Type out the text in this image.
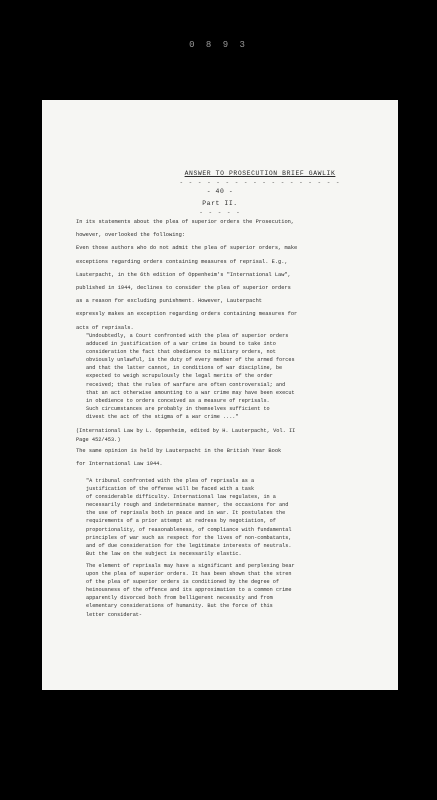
0 8 9 3
ANSWER TO PROSECUTION BRIEF GAWLIK
- - - - - - - - - - - - - - - - - -
- 40 -
Part II.
- - - - -

In its statements about the plea of superior orders the Prosecution,
however, overlooked the following:
Even those authors who do not admit the plea of superior orders, make
exceptions regarding orders containing measures of reprisal. E.g.,
Lauterpacht, in the 6th edition of Oppenheim's "International Law",
published in 1944, declines to consider the plea of superior orders
as a reason for excluding punishment. However, Lauterpacht
expressly makes an exception regarding orders containing measures for
acts of reprisals.

"Undoubtedly, a Court confronted with the plea of superior orders
adduced in justification of a war crime is bound to take into
consideration the fact that obedience to military orders, not
obviously unlawful, is the duty of every member of the armed forces
and that the latter cannot, in conditions of war discipline, be
expected to weigh scrupulously the legal merits of the order
received; that the rules of warfare are often controversial; and
that an act otherwise amounting to a war crime may have been execut
in obedience to orders conceived as a measure of reprisals.
Such circumstances are probably in themselves sufficient to
divest the act of the stigma of a war crime ...."

(International Law by L. Oppenheim, edited by H. Lauterpacht, Vol. II
Page 452/453.)

The same opinion is held by Lauterpacht in the British Year Book
for International Law 1944.

"A tribunal confronted with the plea of reprisals as a
justification of the offense will be faced with a task
of considerable difficulty. International law regulates, in a
necessarily rough and indeterminate manner, the occasions for and
the use of reprisals both in peace and in war. It postulates the
requirements of a prior attempt at redress by negotiation, of
proportionality, of reasonableness, of compliance with fundamental
principles of war such as respect for the lives of non-combatants,
and of due consideration for the legitimate interests of neutrals.
But the law on the subject is necessarily elastic.

The element of reprisals may have a significant and perplexing bear
upon the plea of superior orders. It has been shown that the stren
of the plea of superior orders is conditioned by the degree of
heinousness of the offence and its approximation to a common crime
apparently divorced both from belligerent necessity and from
elementary considerations of humanity. But the force of this
letter considerat-
